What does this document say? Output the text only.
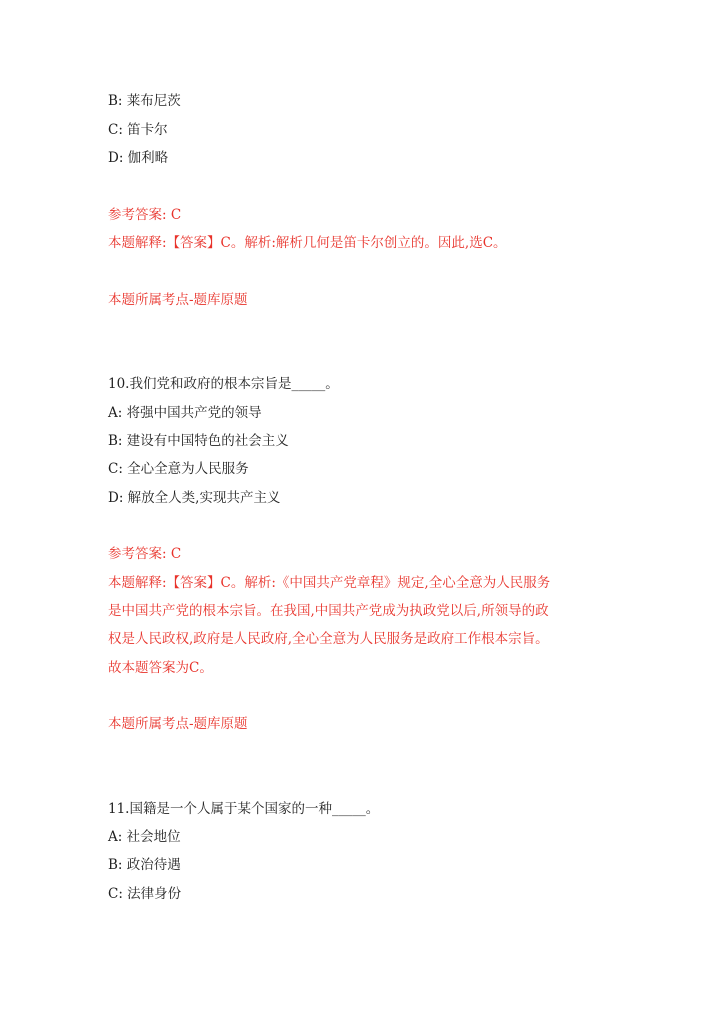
B: 莱布尼茨
C: 笛卡尔
D: 伽利略
参考答案: C
本题解释:【答案】C。解析:解析几何是笛卡尔创立的。因此,选C。
本题所属考点-题库原题
10.我们党和政府的根本宗旨是_____。
A: 将强中国共产党的领导
B: 建设有中国特色的社会主义
C: 全心全意为人民服务
D: 解放全人类,实现共产主义
参考答案: C
本题解释:【答案】C。解析:《中国共产党章程》规定,全心全意为人民服务
是中国共产党的根本宗旨。在我国,中国共产党成为执政党以后,所领导的政
权是人民政权,政府是人民政府,全心全意为人民服务是政府工作根本宗旨。
故本题答案为C。
本题所属考点-题库原题
11.国籍是一个人属于某个国家的一种_____。
A: 社会地位
B: 政治待遇
C: 法律身份
